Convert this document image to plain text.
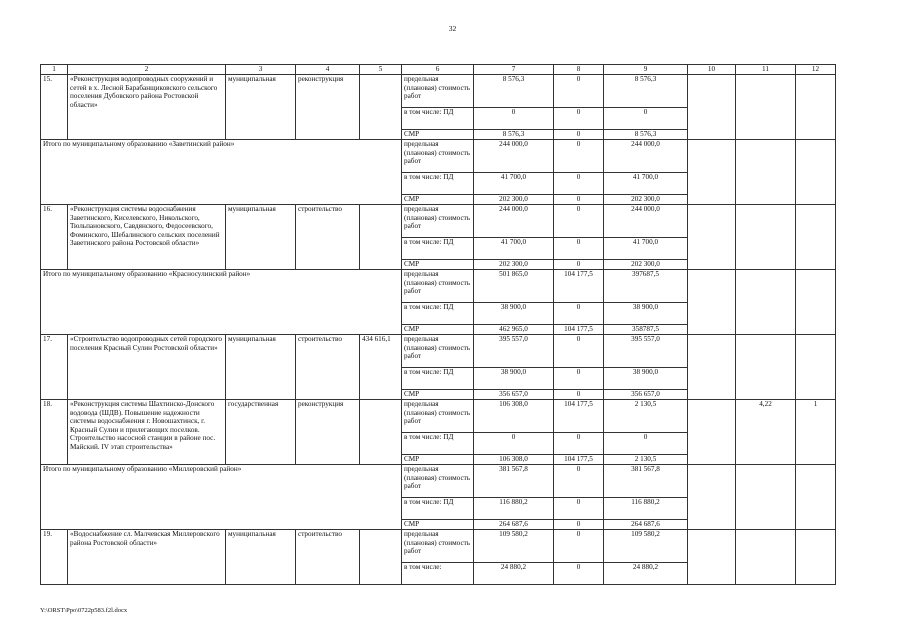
32
1	2	3	4	5	6	7	8	9	10	11	12
15.	«Реконструкция водопроводных сооружений и сетей в х. Лесной Барабанщиковского сельского поселения Дубовского района Ростовской области»	муниципальная	реконструкция		предельная (плановая) стоимость работ	8 576,3	0	8 576,3			
					в том числе: ПД	0	0	0			
					СМР	8 576,3	0	8 576,3			
Итого по муниципальному образованию «Заветинский район»					предельная (плановая) стоимость работ	244 000,0	0	244 000,0			
					в том числе: ПД	41 700,0	0	41 700,0			
					СМР	202 300,0	0	202 300,0			
16.	«Реконструкция системы водоснабжения Заветинского, Киселевского, Никольского, Тюльпановского, Савдянского, Федосеевского, Фоминского, Шебалинского сельских поселений Заветинского района Ростовской области»	муниципальная	строительство		предельная (плановая) стоимость работ	244 000,0	0	244 000,0			
					в том числе: ПД	41 700,0	0	41 700,0			
					СМР	202 300,0	0	202 300,0			
Итого по муниципальному образованию «Красносулинский район»					предельная (плановая) стоимость работ	501 865,0	104 177,5	397687,5			
					в том числе: ПД	38 900,0	0	38 900,0			
					СМР	462 965,0	104 177,5	358787,5			
17.	«Строительство водопроводных сетей городского поселения Красный Сулин Ростовской области»	муниципальная	строительство	434 616,1	предельная (плановая) стоимость работ	395 557,0	0	395 557,0			
					в том числе: ПД	38 900,0	0	38 900,0			
					СМР	356 657,0	0	356 657,0			
18.	«Реконструкция системы Шахтинско-Донского водовода (ШДВ). Повышение надежности системы водоснабжения г. Новошахтинск, г. Красный Сулин и прилегающих поселков. Строительство насосной станции в районе пос. Майский. IV этап строительства»	государственная	реконструкция		предельная (плановая) стоимость работ	106 308,0	104 177,5	2 130,5		4,22	1
					в том числе: ПД	0	0	0			
					СМР	106 308,0	104 177,5	2 130,5			
Итого по муниципальному образованию «Миллеровский район»					предельная (плановая) стоимость работ	381 567,8	0	381 567,8			
					в том числе: ПД	116 880,2	0	116 880,2			
					СМР	264 687,6	0	264 687,6			
19.	«Водоснабжение сл. Малчевская Миллеровского района Ростовской области»	муниципальная	строительство		предельная (плановая) стоимость работ	109 580,2	0	109 580,2			
					в том числе:	24 880,2	0	24 880,2			
Y:\ORST\Ppo\0722p583.f2l.docx
